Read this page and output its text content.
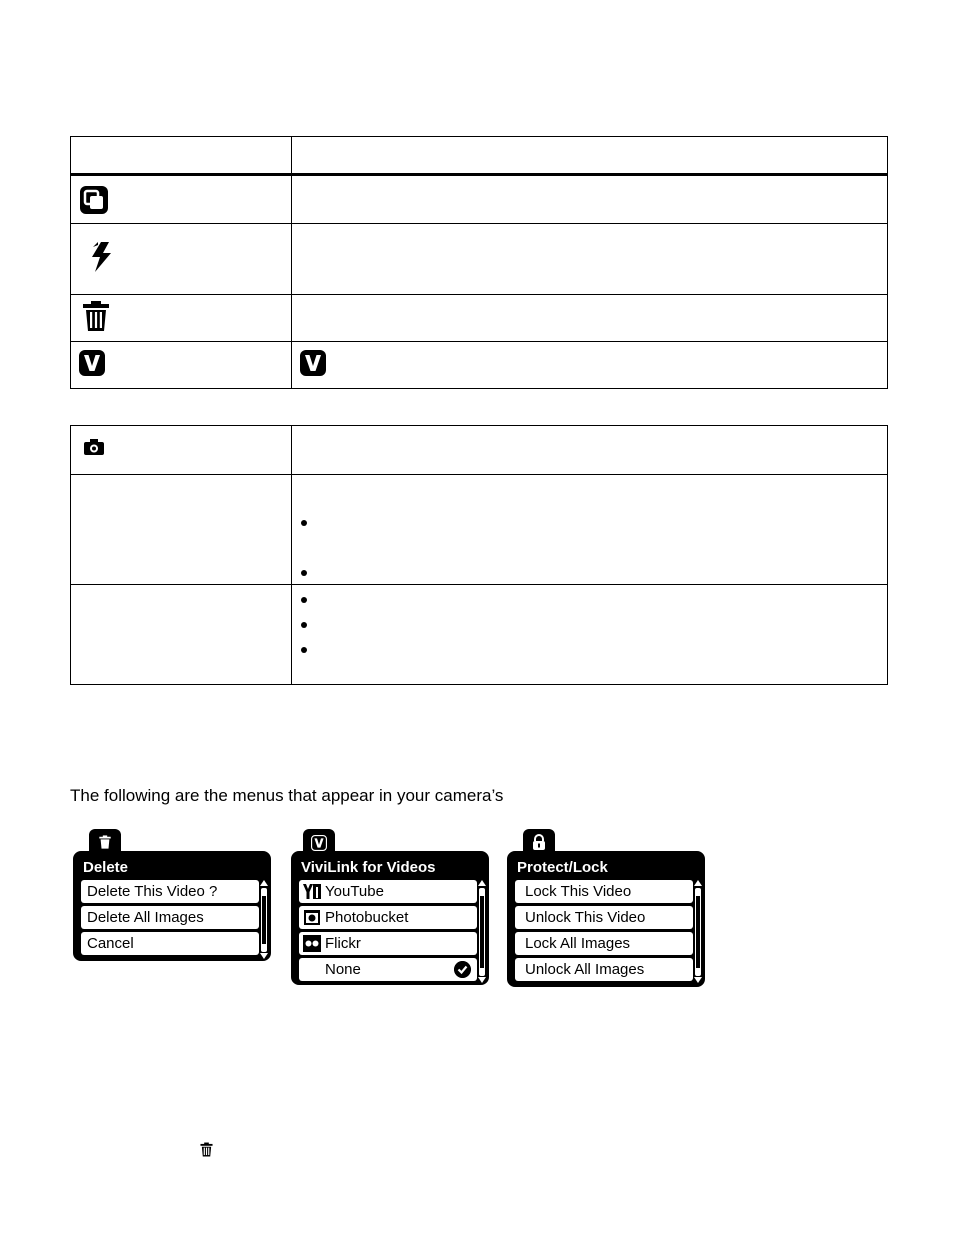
The following are the menus that appear in your camera’s
Delete
Delete This Video ?
Delete All Images
Cancel
ViviLink for Videos
YouTube
Photobucket
Flickr
None
Protect/Lock
Lock This Video
Unlock This Video
Lock All Images
Unlock All Images
